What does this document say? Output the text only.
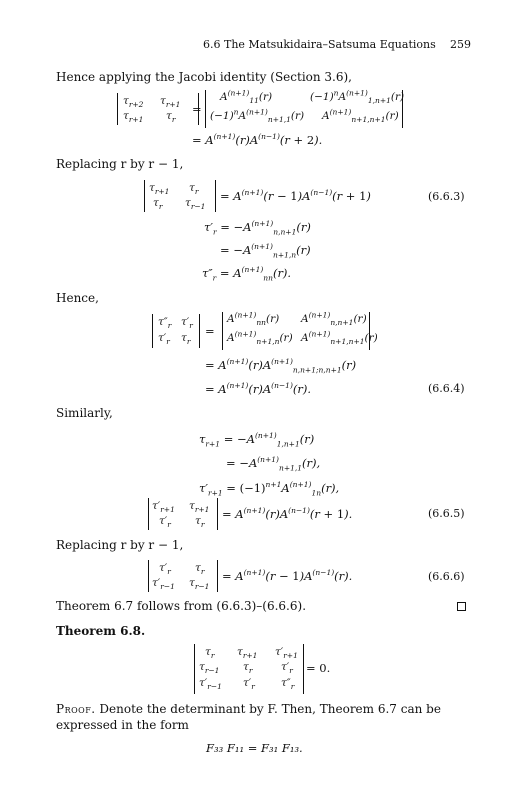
6.6 The Matsukidaira–Satsuma Equations 259
Hence applying the Jacobi identity (Section 3.6),
$\tau_{r+2}$ $\tau_{r+1}$
$\tau_{r+1}$ $\tau_r$
=
$A^{(n+1)}_{11}(r)$	$(-1)^nA^{(n+1)}_{1,n+1}(r)$
$(-1)^nA^{(n+1)}_{n+1,1}(r)$ $A^{(n+1)}_{n+1,n+1}(r)$
= $A^{(n+1)}(r)A^{(n-1)}(r + 2)$.
Replacing r by r − 1,
$\tau_{r+1}$ $\tau_r$
$\tau_r$ $\tau_{r-1}$
= $A^{(n+1)}(r - 1)A^{(n-1)}(r + 1)$	(6.6.3)
$\tau'_r = -A^{(n+1)}_{n,n+1}(r)$
= $-A^{(n+1)}_{n+1,n}(r)$
$\tau''_r = A^{(n+1)}_{nn}(r)$.
Hence,
$\tau''_r$ $\tau'_r$
$\tau'_r$ $\tau_r$
=
$A^{(n+1)}_{nn}(r)$ $A^{(n+1)}_{n,n+1}(r)$
$A^{(n+1)}_{n+1,n}(r)$ $A^{(n+1)}_{n+1,n+1}(r)$
= $A^{(n+1)}(r)A^{(n+1)}_{n,n+1;n,n+1}(r)$
= $A^{(n+1)}(r)A^{(n-1)}(r)$.	(6.6.4)
Similarly,
$\tau_{r+1} = -A^{(n+1)}_{1,n+1}(r)$
= $-A^{(n+1)}_{n+1,1}(r)$,
$\tau'_{r+1} = (-1)^{n+1}A^{(n+1)}_{1n}(r)$,
$\tau'_{r+1}$ $\tau_{r+1}$
$\tau'_r$ $\tau_r$
= $A^{(n+1)}(r)A^{(n-1)}(r + 1)$.	(6.6.5)
Replacing r by r − 1,
$\tau'_r$ $\tau_r$
$\tau'_{r-1}$ $\tau_{r-1}$
= $A^{(n+1)}(r - 1)A^{(n-1)}(r)$.	(6.6.6)
Theorem 6.7 follows from (6.6.3)–(6.6.6).
Theorem 6.8.
$\tau_r$ $\tau_{r+1}$ $\tau'_{r+1}$
$\tau_{r-1}$ $\tau_r$	$\tau'_r$
$\tau'_{r-1}$ $\tau'_r$ $\tau''_r$
= 0.
Proof. Denote the determinant by F. Then, Theorem 6.7 can be
expressed in the form
F₃₃ F₁₁ = F₃₁ F₁₃.
